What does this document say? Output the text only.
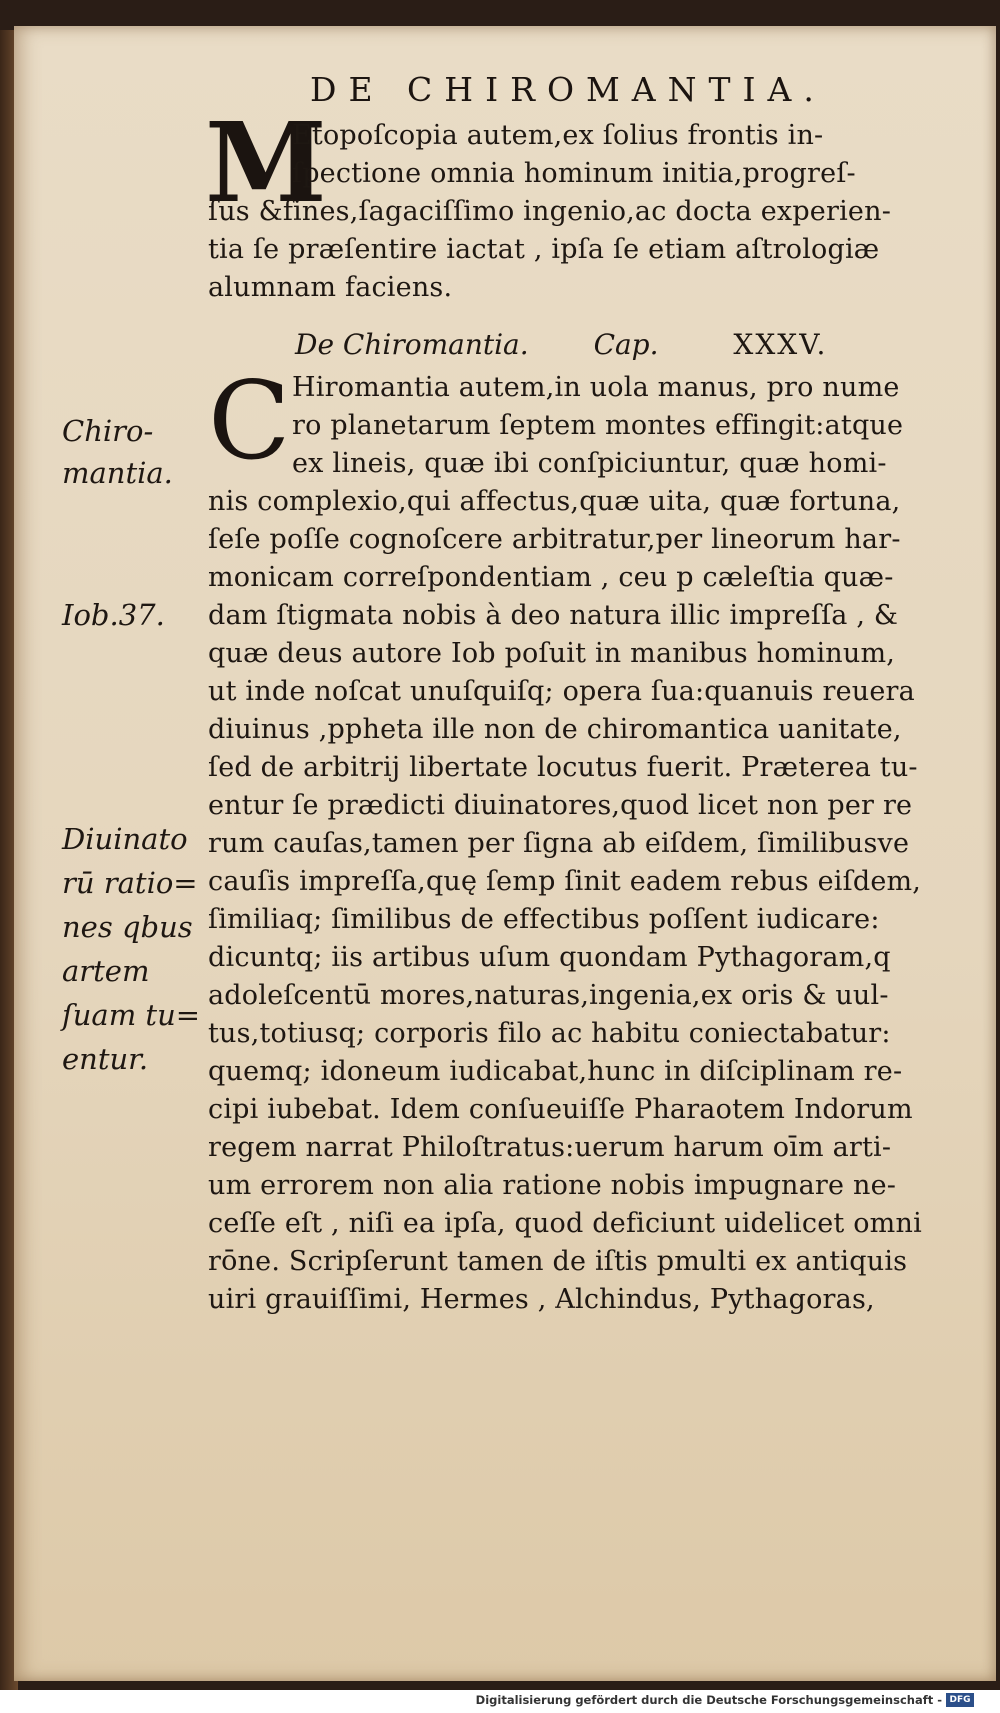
DE CHIROMANTIA.
M
Etopoſcopia autem,ex ſolius frontis in-
ſpectione omnia hominum initia,progreſ-
ſus &fines,ſagaciſſimo ingenio,ac docta experien-
tia ſe præſentire iactat , ipſa ſe etiam aſtrologiæ
alumnam faciens.
De Chiromantia. Cap.	XXXV.
C Hiromantia autem,in uola manus, pro nume
ro planetarum ſeptem montes effingit:atque
ex lineis, quæ ibi conſpiciuntur, quæ homi-
nis complexio,qui affectus,quæ uita, quæ fortuna,
ſeſe poſſe cognoſcere arbitratur,per lineorum har-
monicam correſpondentiam , ceu p cæleſtia quæ-
dam ſtigmata nobis à deo natura illic impreſſa , &
quæ deus autore Iob poſuit in manibus hominum,
ut inde noſcat unuſquiſq; opera ſua:quanuis reuera
diuinus ,ppheta ille non de chiromantica uanitate,
ſed de arbitrij libertate locutus fuerit. Præterea tu-
entur ſe prædicti diuinatores,quod licet non per re
rum cauſas,tamen per ſigna ab eiſdem, ſimilibusve
cauſis impreſſa,quę ſemp ſinit eadem rebus eiſdem,
ſimiliaq; ſimilibus de effectibus poſſent iudicare:
dicuntq; iis artibus uſum quondam Pythagoram,q
adoleſcentū mores,naturas,ingenia,ex oris & uul-
tus,totiusq; corporis filo ac habitu coniectabatur:
quemq; idoneum iudicabat,hunc in diſciplinam re-
cipi iubebat. Idem conſueuiſſe Pharaotem Indorum
regem narrat Philoſtratus:uerum harum oīm arti-
um errorem non alia ratione nobis impugnare ne-
ceſſe eſt , niſi ea ipſa, quod deficiunt uidelicet omni
rōne. Scripſerunt tamen de iſtis pmulti ex antiquis
uiri grauiſſimi, Hermes , Alchindus, Pythagoras,
Chiro-
mantia.
Iob.37.
Diuinato
rū ratio=
nes qbus
artem
ſuam tu=
entur.
Digitalisierung gefördert durch die Deutsche Forschungsgemeinschaft - DFG
